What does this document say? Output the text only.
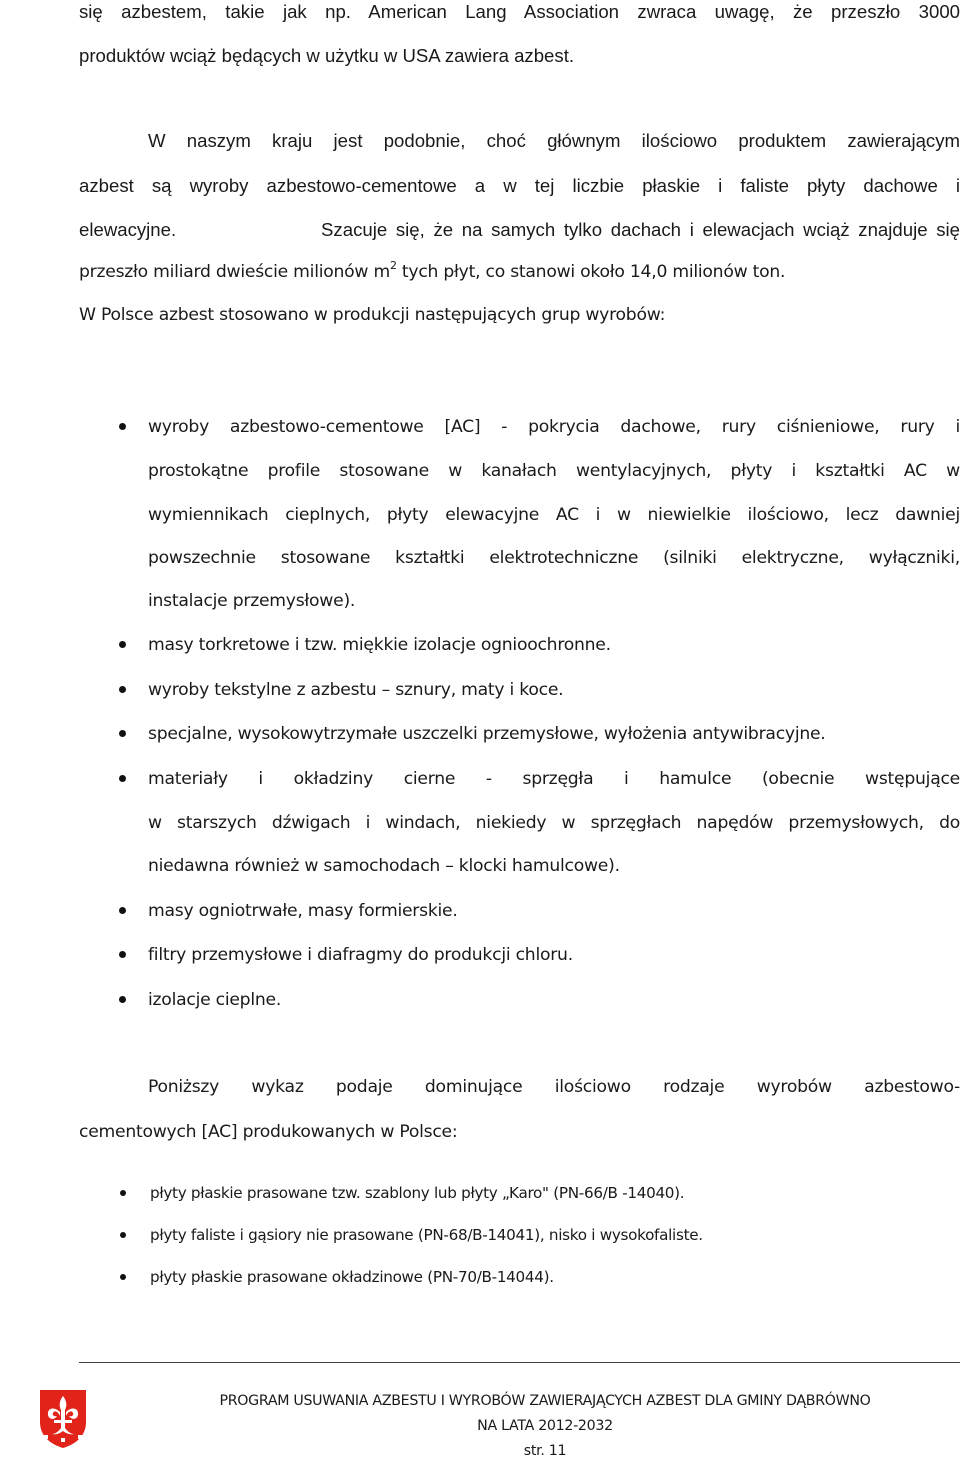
się azbestem, takie jak np. American Lang Association zwraca uwagę, że przeszło 3000
produktów wciąż będących w użytku w USA zawiera azbest.
W naszym kraju jest podobnie, choć głównym ilościowo produktem zawierającym
azbest są wyroby azbestowo-cementowe a w tej liczbie płaskie i faliste płyty dachowe i
elewacyjne.	Szacuje się, że na samych tylko dachach i elewacjach wciąż znajduje się
przeszło miliard dwieście milionów $m^2$ tych płyt, co stanowi około 14,0 milionów ton.
W Polsce azbest stosowano w produkcji następujących grup wyrobów:
wyroby azbestowo-cementowe [AC] - pokrycia dachowe, rury ciśnieniowe, rury i
prostokątne profile stosowane w kanałach wentylacyjnych, płyty i kształtki AC w
wymiennikach cieplnych, płyty elewacyjne AC i w niewielkie ilościowo, lecz dawniej
powszechnie stosowane kształtki elektrotechniczne (silniki elektryczne, wyłączniki,
instalacje przemysłowe).
masy torkretowe i tzw. miękkie izolacje ognioochronne.
wyroby tekstylne z azbestu – sznury, maty i koce.
specjalne, wysokowytrzymałe uszczelki przemysłowe, wyłożenia antywibracyjne.
materiały i okładziny cierne - sprzęgła i hamulce (obecnie wstępujące
w starszych dźwigach i windach, niekiedy w sprzęgłach napędów przemysłowych, do
niedawna również w samochodach – klocki hamulcowe).
masy ogniotrwałe, masy formierskie.
filtry przemysłowe i diafragmy do produkcji chloru.
izolacje cieplne.
Poniższy wykaz podaje dominujące ilościowo rodzaje wyrobów azbestowo-
cementowych [AC] produkowanych w Polsce:
płyty płaskie prasowane tzw. szablony lub płyty „Karo" (PN-66/B -14040).
płyty faliste i gąsiory nie prasowane (PN-68/B-14041), nisko i wysokofaliste.
płyty płaskie prasowane okładzinowe (PN-70/B-14044).
PROGRAM USUWANIA AZBESTU I WYROBÓW ZAWIERAJĄCYCH AZBEST DLA GMINY DĄBRÓWNO
NA LATA 2012-2032
str. 11
